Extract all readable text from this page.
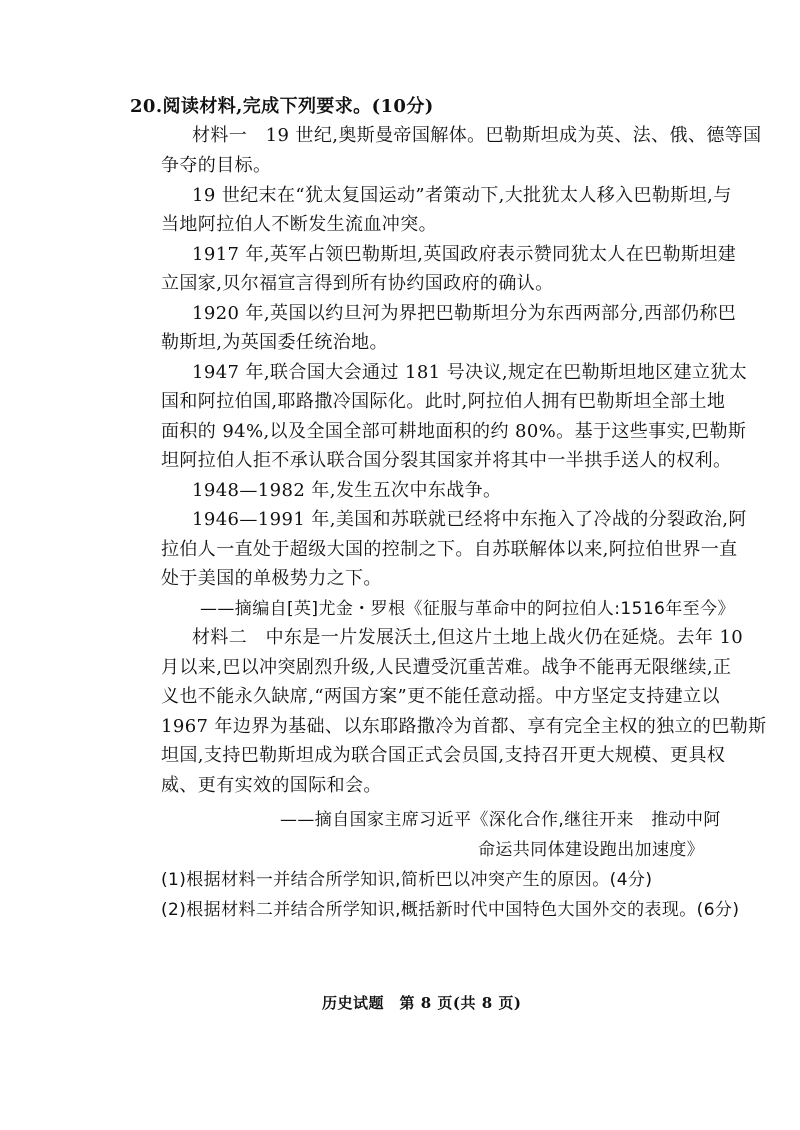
20.阅读材料,完成下列要求。(10分)
材料一　19 世纪,奥斯曼帝国解体。巴勒斯坦成为英、法、俄、德等国
争夺的目标。
19 世纪末在“犹太复国运动”者策动下,大批犹太人移入巴勒斯坦,与
当地阿拉伯人不断发生流血冲突。
1917 年,英军占领巴勒斯坦,英国政府表示赞同犹太人在巴勒斯坦建
立国家,贝尔福宣言得到所有协约国政府的确认。
1920 年,英国以约旦河为界把巴勒斯坦分为东西两部分,西部仍称巴
勒斯坦,为英国委任统治地。
1947 年,联合国大会通过 181 号决议,规定在巴勒斯坦地区建立犹太
国和阿拉伯国,耶路撒冷国际化。此时,阿拉伯人拥有巴勒斯坦全部土地
面积的 94%,以及全国全部可耕地面积的约 80%。基于这些事实,巴勒斯
坦阿拉伯人拒不承认联合国分裂其国家并将其中一半拱手送人的权利。
1948—1982 年,发生五次中东战争。
1946—1991 年,美国和苏联就已经将中东拖入了冷战的分裂政治,阿
拉伯人一直处于超级大国的控制之下。自苏联解体以来,阿拉伯世界一直
处于美国的单极势力之下。
——摘编自[英]尤金・罗根《征服与革命中的阿拉伯人:1516年至今》
材料二　中东是一片发展沃土,但这片土地上战火仍在延烧。去年 10
月以来,巴以冲突剧烈升级,人民遭受沉重苦难。战争不能再无限继续,正
义也不能永久缺席,“两国方案”更不能任意动摇。中方坚定支持建立以
1967 年边界为基础、以东耶路撒冷为首都、享有完全主权的独立的巴勒斯
坦国,支持巴勒斯坦成为联合国正式会员国,支持召开更大规模、更具权
威、更有实效的国际和会。
——摘自国家主席习近平《深化合作,继往开来　推动中阿
命运共同体建设跑出加速度》
(1)根据材料一并结合所学知识,简析巴以冲突产生的原因。(4分)
(2)根据材料二并结合所学知识,概括新时代中国特色大国外交的表现。(6分)
历史试题　第 8 页(共 8 页)
